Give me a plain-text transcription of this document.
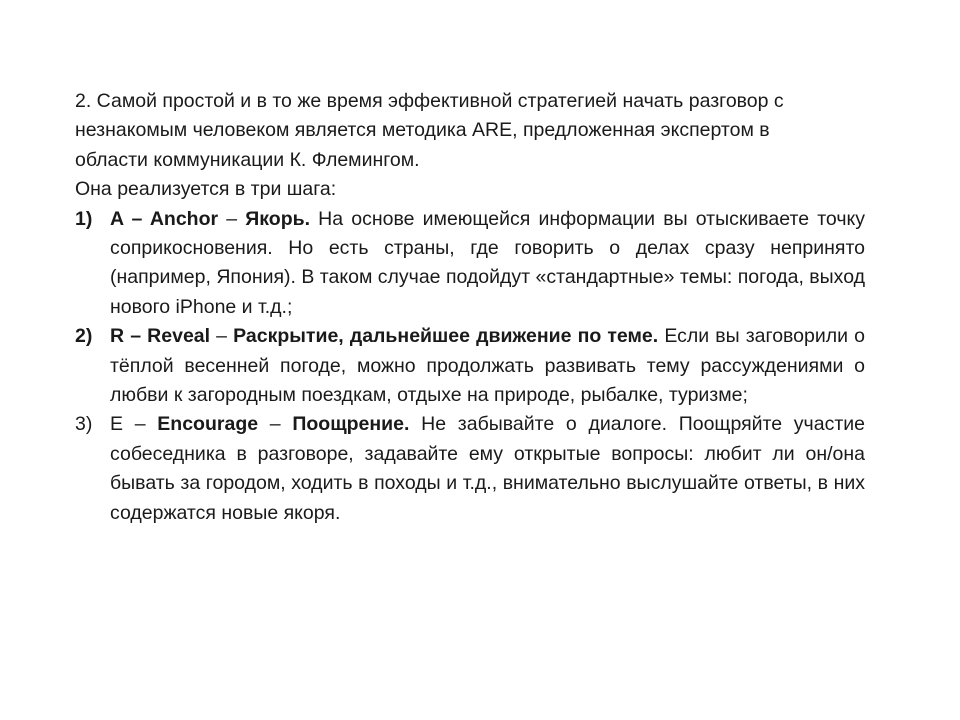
2. Самой простой и в то же время эффективной стратегией начать разговор с
незнакомым человеком является методика ARE, предложенная экспертом в
области коммуникации К. Флемингом.

Она реализуется в три шага:

1) A – Anchor – Якорь. На основе имеющейся информации вы отыскиваете точку соприкосновения. Но есть страны, где говорить о делах сразу непринято (например, Япония). В таком случае подойдут «стандартные» темы: погода, выход нового iPhone и т.д.;
2) R – Reveal – Раскрытие, дальнейшее движение по теме. Если вы заговорили о тёплой весенней погоде, можно продолжать развивать тему рассуждениями о любви к загородным поездкам, отдыхе на природе, рыбалке, туризме;
3) E – Encourage – Поощрение. Не забывайте о диалоге. Поощряйте участие собеседника в разговоре, задавайте ему открытые вопросы: любит ли он/она бывать за городом, ходить в походы и т.д., внимательно выслушайте ответы, в них содержатся новые якоря.
